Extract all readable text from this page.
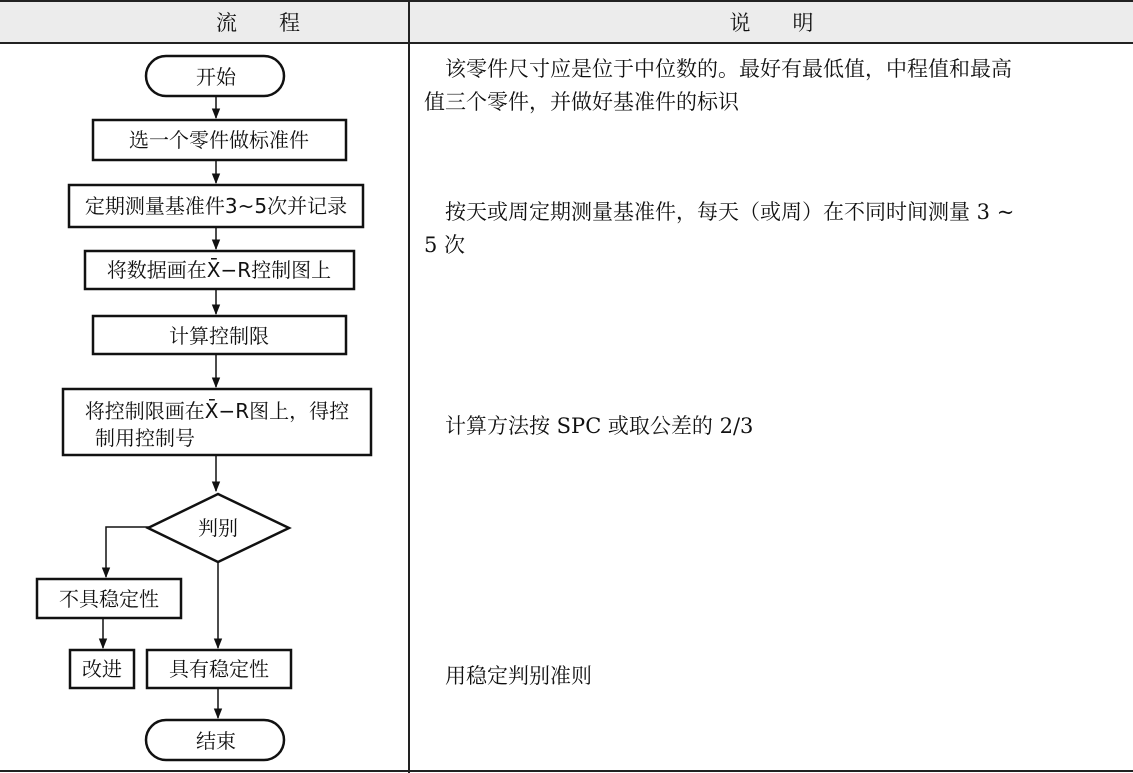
流　　程	说　　明
　该零件尺寸应是位于中位数的。最好有最低值，中程值和最高
值三个零件，并做好基准件的标识
　按天或周定期测量基准件，每天（或周）在不同时间测量 3 ~
5 次
　计算方法按 SPC 或取公差的 2/3
　用稳定判别准则
开始
选一个零件做标准件
定期测量基准件3~5次并记录
将数据画在X̄−R控制图上
计算控制限
将控制限画在X̄−R图上，得控
制用控制号
判别
不具稳定性
改进 具有稳定性
结束
